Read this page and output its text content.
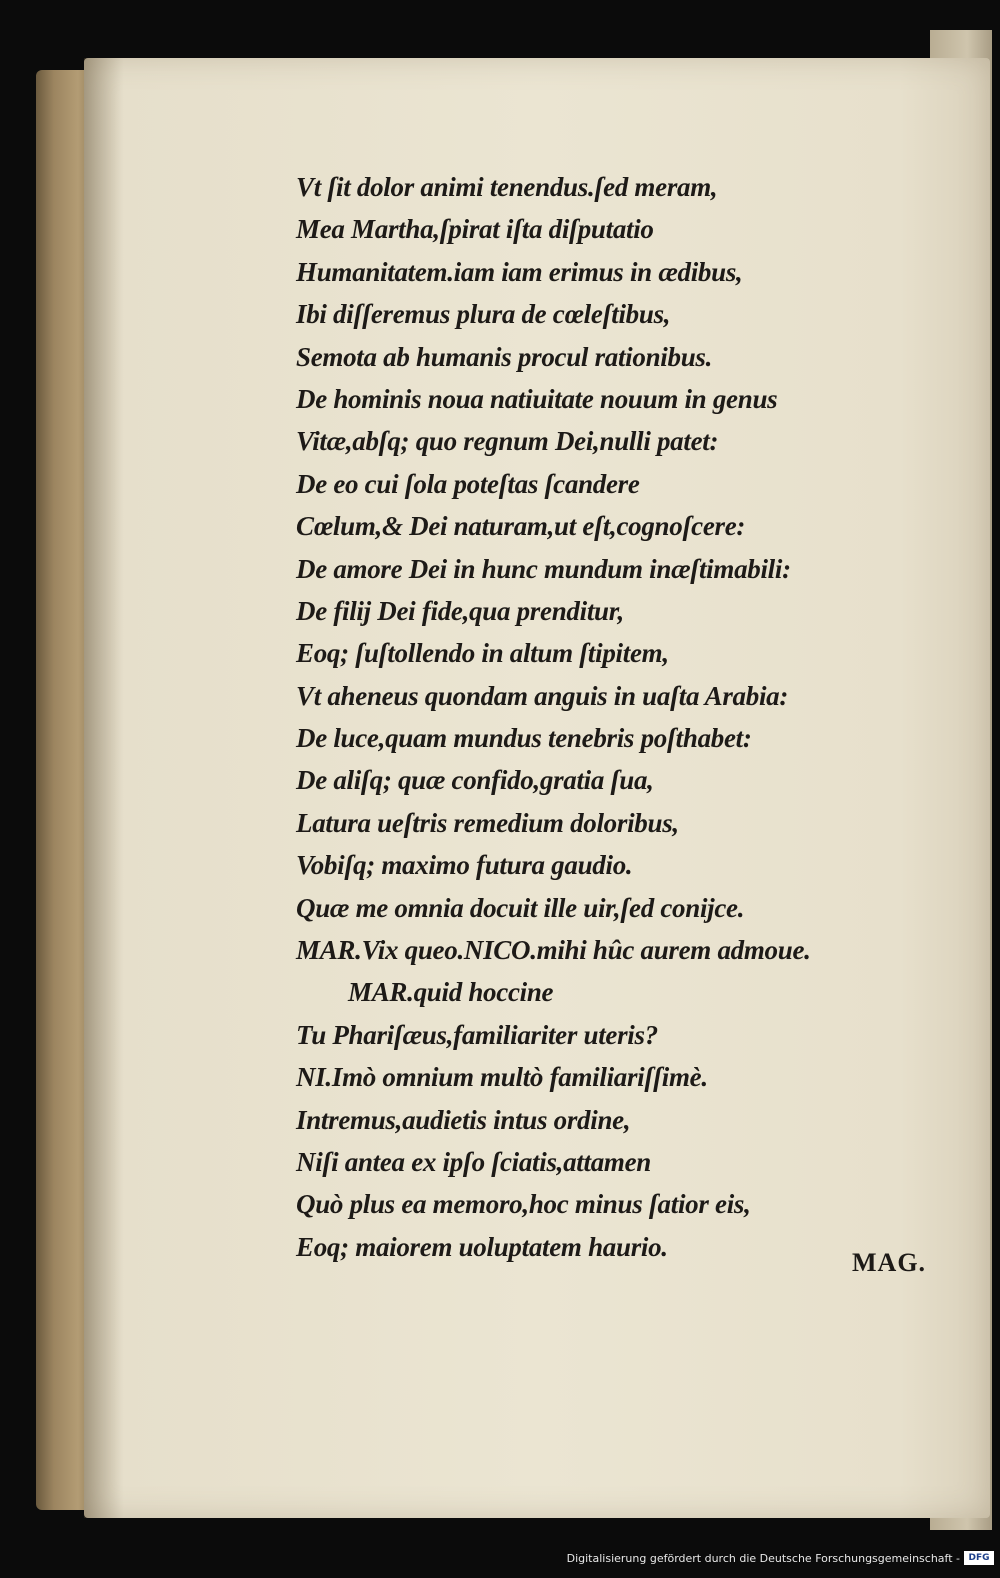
Vt ſit dolor animi tenendus.ſed meram,
Mea Martha,ſpirat iſta diſputatio
Humanitatem.iam iam erimus in ædibus,
Ibi diſſeremus plura de cœleſtibus,
Semota ab humanis procul rationibus.
De hominis noua natiuitate nouum in genus
Vitæ,abſq; quo regnum Dei,nulli patet:
De eo cui ſola poteſtas ſcandere
Cœlum,& Dei naturam,ut eſt,cognoſcere:
De amore Dei in hunc mundum inæſtimabili:
De filij Dei fide,qua prenditur,
Eoq; ſuſtollendo in altum ſtipitem,
Vt aheneus quondam anguis in uaſta Arabia:
De luce,quam mundus tenebris poſthabet:
De aliſq; quæ confido,gratia ſua,
Latura ueſtris remedium doloribus,
Vobiſq; maximo futura gaudio.
Quæ me omnia docuit ille uir,ſed conijce.
MAR.Vix queo.NICO.mihi hûc aurem admoue.
MAR.quid hoccine
Tu Phariſæus,familiariter uteris?
NI.Imò omnium multò familiariſſimè.
Intremus,audietis intus ordine,
Niſi antea ex ipſo ſciatis,attamen
Quò plus ea memoro,hoc minus ſatior eis,
Eoq; maiorem uoluptatem haurio.
MAG.
Digitalisierung gefördert durch die Deutsche Forschungsgemeinschaft - DFG
